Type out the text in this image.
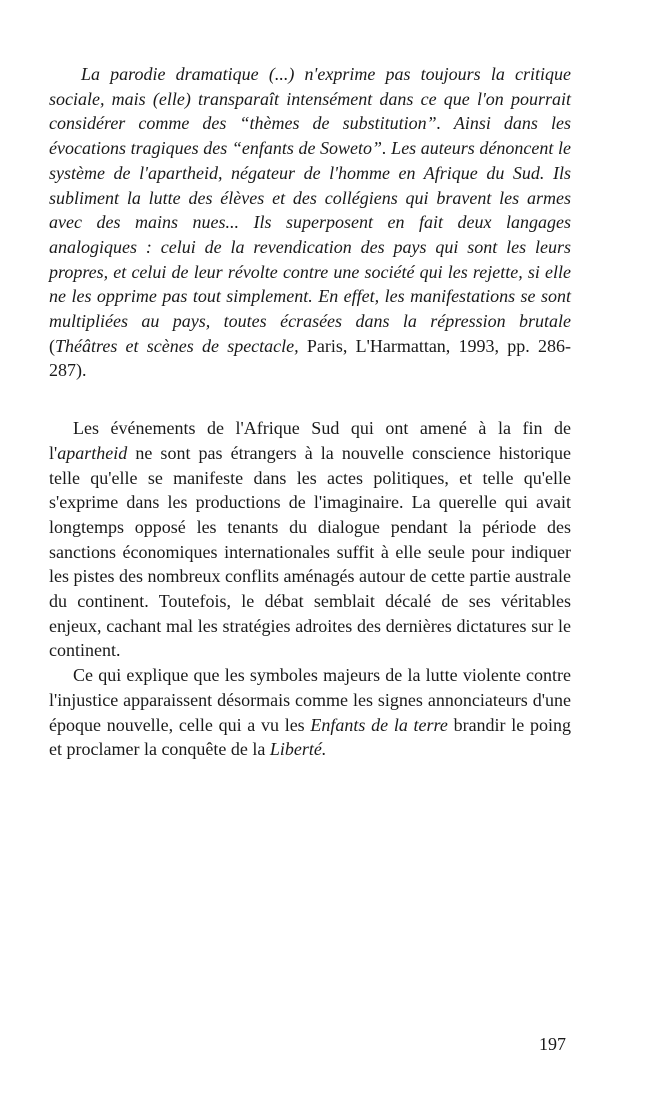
La parodie dramatique (...) n'exprime pas toujours la critique sociale, mais (elle) transparaît intensément dans ce que l'on pourrait considérer comme des “thèmes de substitution”. Ainsi dans les évocations tragiques des “enfants de Soweto”. Les auteurs dénoncent le système de l'apartheid, négateur de l'homme en Afrique du Sud. Ils subliment la lutte des élèves et des collégiens qui bravent les armes avec des mains nues... Ils superposent en fait deux langages analogiques : celui de la revendication des pays qui sont les leurs propres, et celui de leur révolte contre une société qui les rejette, si elle ne les opprime pas tout simplement. En effet, les manifestations se sont multipliées au pays, toutes écrasées dans la répression brutale (Théâtres et scènes de spectacle, Paris, L'Harmattan, 1993, pp. 286-287).

Les événements de l'Afrique Sud qui ont amené à la fin de l'apartheid ne sont pas étrangers à la nouvelle conscience historique telle qu'elle se manifeste dans les actes politiques, et telle qu'elle s'exprime dans les productions de l'imaginaire. La querelle qui avait longtemps opposé les tenants du dialogue pendant la période des sanctions économiques internationales suffit à elle seule pour indiquer les pistes des nombreux conflits aménagés autour de cette partie australe du continent. Toutefois, le débat semblait décalé de ses véritables enjeux, cachant mal les stratégies adroites des dernières dictatures sur le continent.

Ce qui explique que les symboles majeurs de la lutte violente contre l'injustice apparaissent désormais comme les signes annonciateurs d'une époque nouvelle, celle qui a vu les Enfants de la terre brandir le poing et proclamer la conquête de la Liberté.

197
